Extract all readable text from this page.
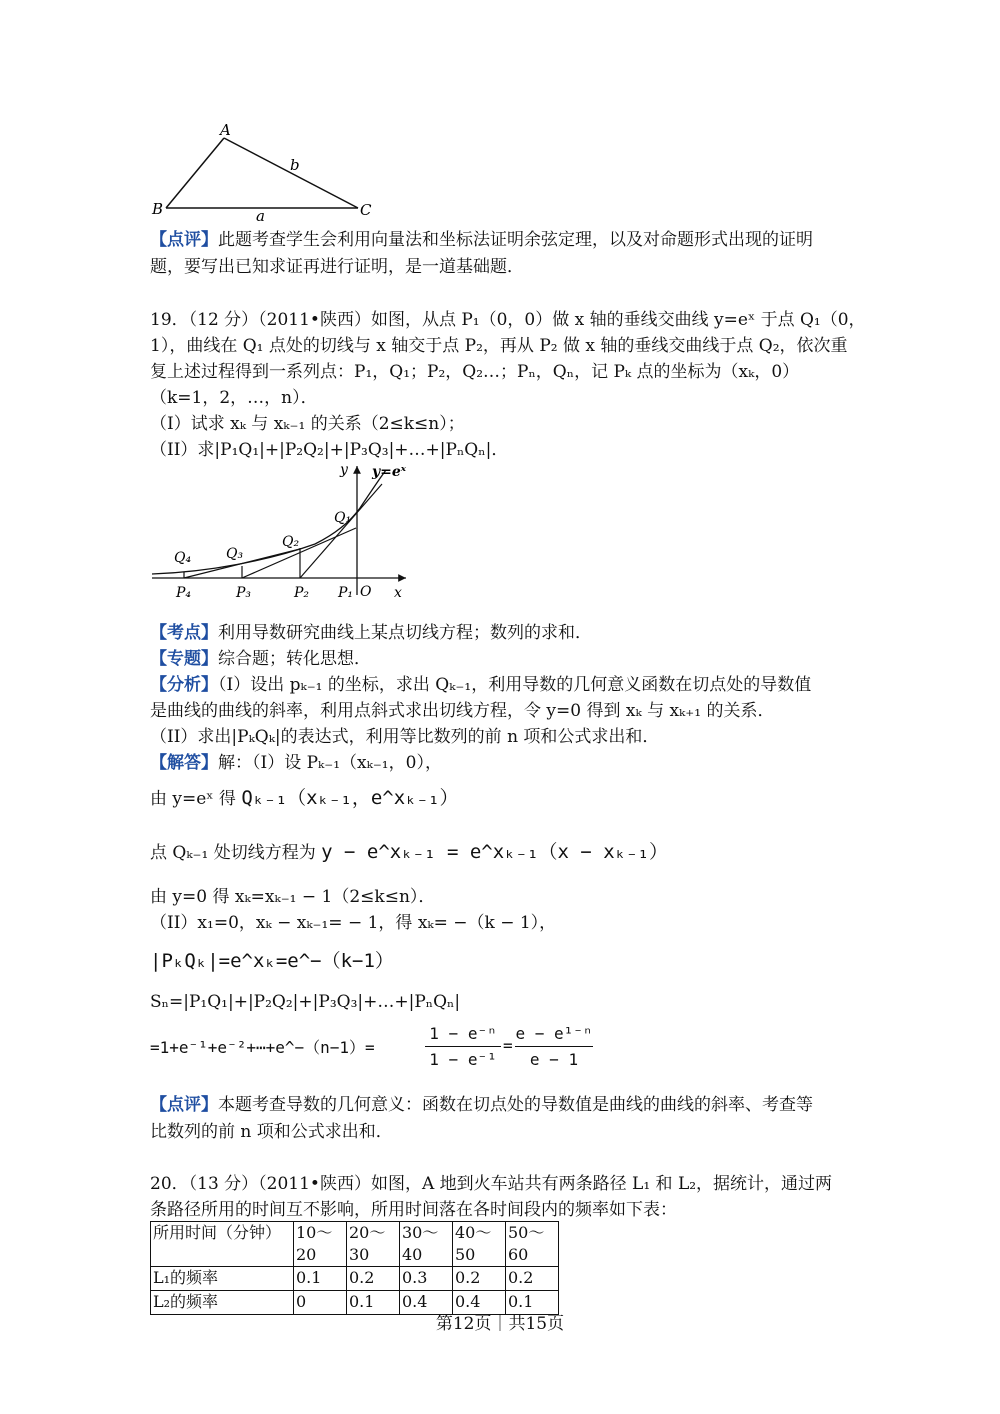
A
B	C
a
b
【点评】此题考查学生会利用向量法和坐标法证明余弦定理，以及对命题形式出现的证明
题，要写出已知求证再进行证明，是一道基础题．
19．（12 分）（2011•陕西）如图，从点 P₁（0，0）做 x 轴的垂线交曲线 y=eˣ 于点 Q₁（0，
1），曲线在 Q₁ 点处的切线与 x 轴交于点 P₂，再从 P₂ 做 x 轴的垂线交曲线于点 Q₂，依次重
复上述过程得到一系列点：P₁，Q₁；P₂，Q₂…；Pₙ，Qₙ，记 Pₖ 点的坐标为（xₖ，0）
（k=1，2，…，n）．
（I）试求 xₖ 与 xₖ₋₁ 的关系（2≤k≤n）；
（II）求|P₁Q₁|+|P₂Q₂|+|P₃Q₃|+…+|PₙQₙ|．
y y=eˣ
Q₁
Q₂
Q₃
Q₄
P₄	P₃	P₂ P₁ O x
【考点】利用导数研究曲线上某点切线方程；数列的求和．
【专题】综合题；转化思想．
【分析】（I）设出 pₖ₋₁ 的坐标，求出 Qₖ₋₁，利用导数的几何意义函数在切点处的导数值
是曲线的曲线的斜率，利用点斜式求出切线方程，令 y=0 得到 xₖ 与 xₖ₊₁ 的关系．
（II）求出|PₖQₖ|的表达式，利用等比数列的前 n 项和公式求出和．
【解答】解：（I）设 Pₖ₋₁（xₖ₋₁，0），
由 y=eˣ 得 Qₖ₋₁（xₖ₋₁，e^xₖ₋₁）
点 Qₖ₋₁ 处切线方程为 y − e^xₖ₋₁ = e^xₖ₋₁（x − xₖ₋₁）
由 y=0 得 xₖ=xₖ₋₁ − 1（2≤k≤n）．
（II）x₁=0，xₖ − xₖ₋₁= − 1，得 xₖ= −（k − 1），
|PₖQₖ|=e^xₖ=e^−（k−1）
Sₙ=|P₁Q₁|+|P₂Q₂|+|P₃Q₃|+…+|PₙQₙ|
=1+e⁻¹+e⁻²+⋯+e^−（n−1）=	$\frac{\text{1 − e⁻ⁿ}}{\text{1 − e⁻¹}} = \frac{\text{e − e¹⁻ⁿ}}{e - 1}$
【点评】本题考查导数的几何意义：函数在切点处的导数值是曲线的曲线的斜率、考查等
比数列的前 n 项和公式求出和．
20．（13 分）（2011•陕西）如图，A 地到火车站共有两条路径 L₁ 和 L₂，据统计，通过两
条路径所用的时间互不影响，所用时间落在各时间段内的频率如下表：
所用时间（分钟）	10～20	20～30	30～40	40～50	50～60
L₁的频率	0.1	0.2	0.3	0.2	0.2
L₂的频率	0	0.1	0.4	0.4	0.1
第12页｜共15页
